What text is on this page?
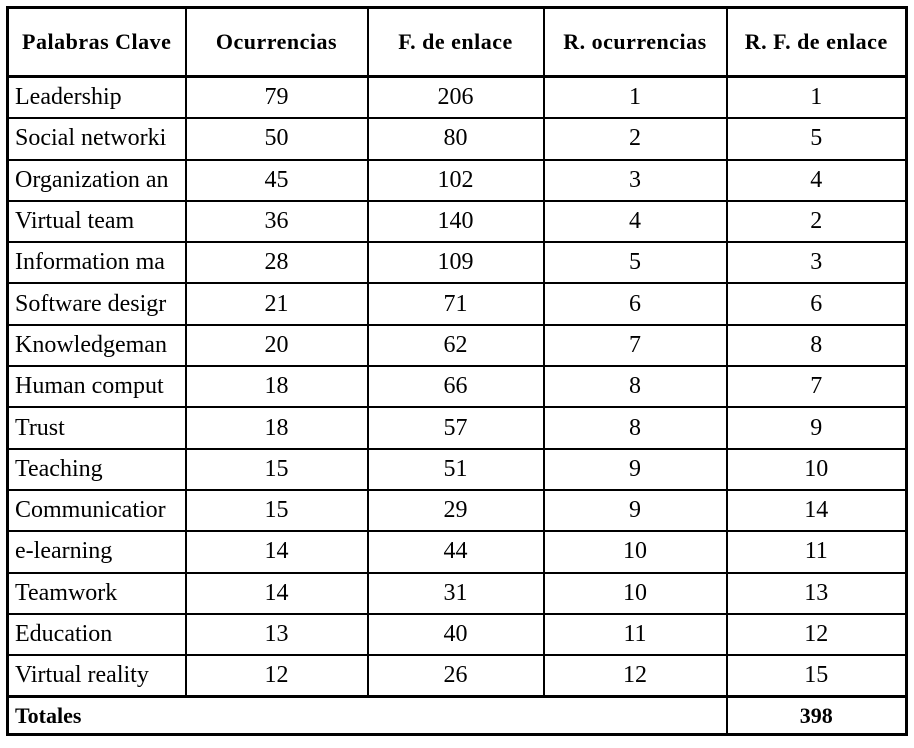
Palabras Clave	Ocurrencias	F. de enlace	R. ocurrencias	R. F. de enlace
Leadership	79	206	1	1
Social networki	50	80	2	5
Organization an	45	102	3	4
Virtual team	36	140	4	2
Information ma	28	109	5	3
Software desigr	21	71	6	6
Knowledgeman	20	62	7	8
Human comput	18	66	8	7
Trust	18	57	8	9
Teaching	15	51	9	10
Communicatior	15	29	9	14
e-learning	14	44	10	11
Teamwork	14	31	10	13
Education	13	40	11	12
Virtual reality	12	26	12	15
Totales				398
